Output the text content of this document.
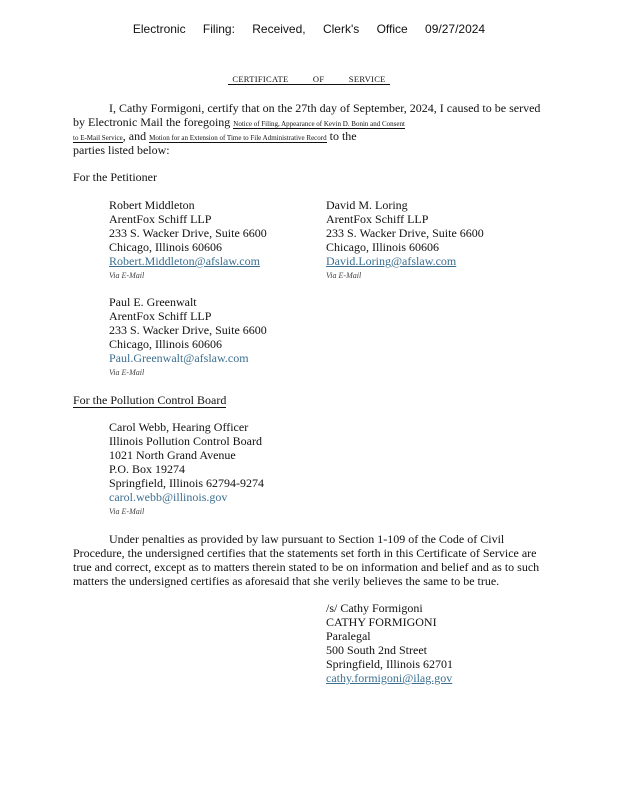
Electronic Filing: Received, Clerk's Office 09/27/2024
CERTIFICATE OF SERVICE
I, Cathy Formigoni, certify that on the 27th day of September, 2024, I caused to be served
by Electronic Mail the foregoing Notice of Filing, Appearance of Kevin D. Bonin and Consent
to E-Mail Service, and Motion for an Extension of Time to File Administrative Record to the
parties listed below:
For the Petitioner
Robert Middleton
ArentFox Schiff LLP
233 S. Wacker Drive, Suite 6600
Chicago, Illinois 60606
Robert.Middleton@afslaw.com
Via E-Mail
David M. Loring
ArentFox Schiff LLP
233 S. Wacker Drive, Suite 6600
Chicago, Illinois 60606
David.Loring@afslaw.com
Via E-Mail
Paul E. Greenwalt
ArentFox Schiff LLP
233 S. Wacker Drive, Suite 6600
Chicago, Illinois 60606
Paul.Greenwalt@afslaw.com
Via E-Mail
For the Pollution Control Board
Carol Webb, Hearing Officer
Illinois Pollution Control Board
1021 North Grand Avenue
P.O. Box 19274
Springfield, Illinois 62794-9274
carol.webb@illinois.gov
Via E-Mail
Under penalties as provided by law pursuant to Section 1-109 of the Code of Civil
Procedure, the undersigned certifies that the statements set forth in this Certificate of Service are
true and correct, except as to matters therein stated to be on information and belief and as to such
matters the undersigned certifies as aforesaid that she verily believes the same to be true.
/s/ Cathy Formigoni
CATHY FORMIGONI
Paralegal
500 South 2nd Street
Springfield, Illinois 62701
cathy.formigoni@ilag.gov
